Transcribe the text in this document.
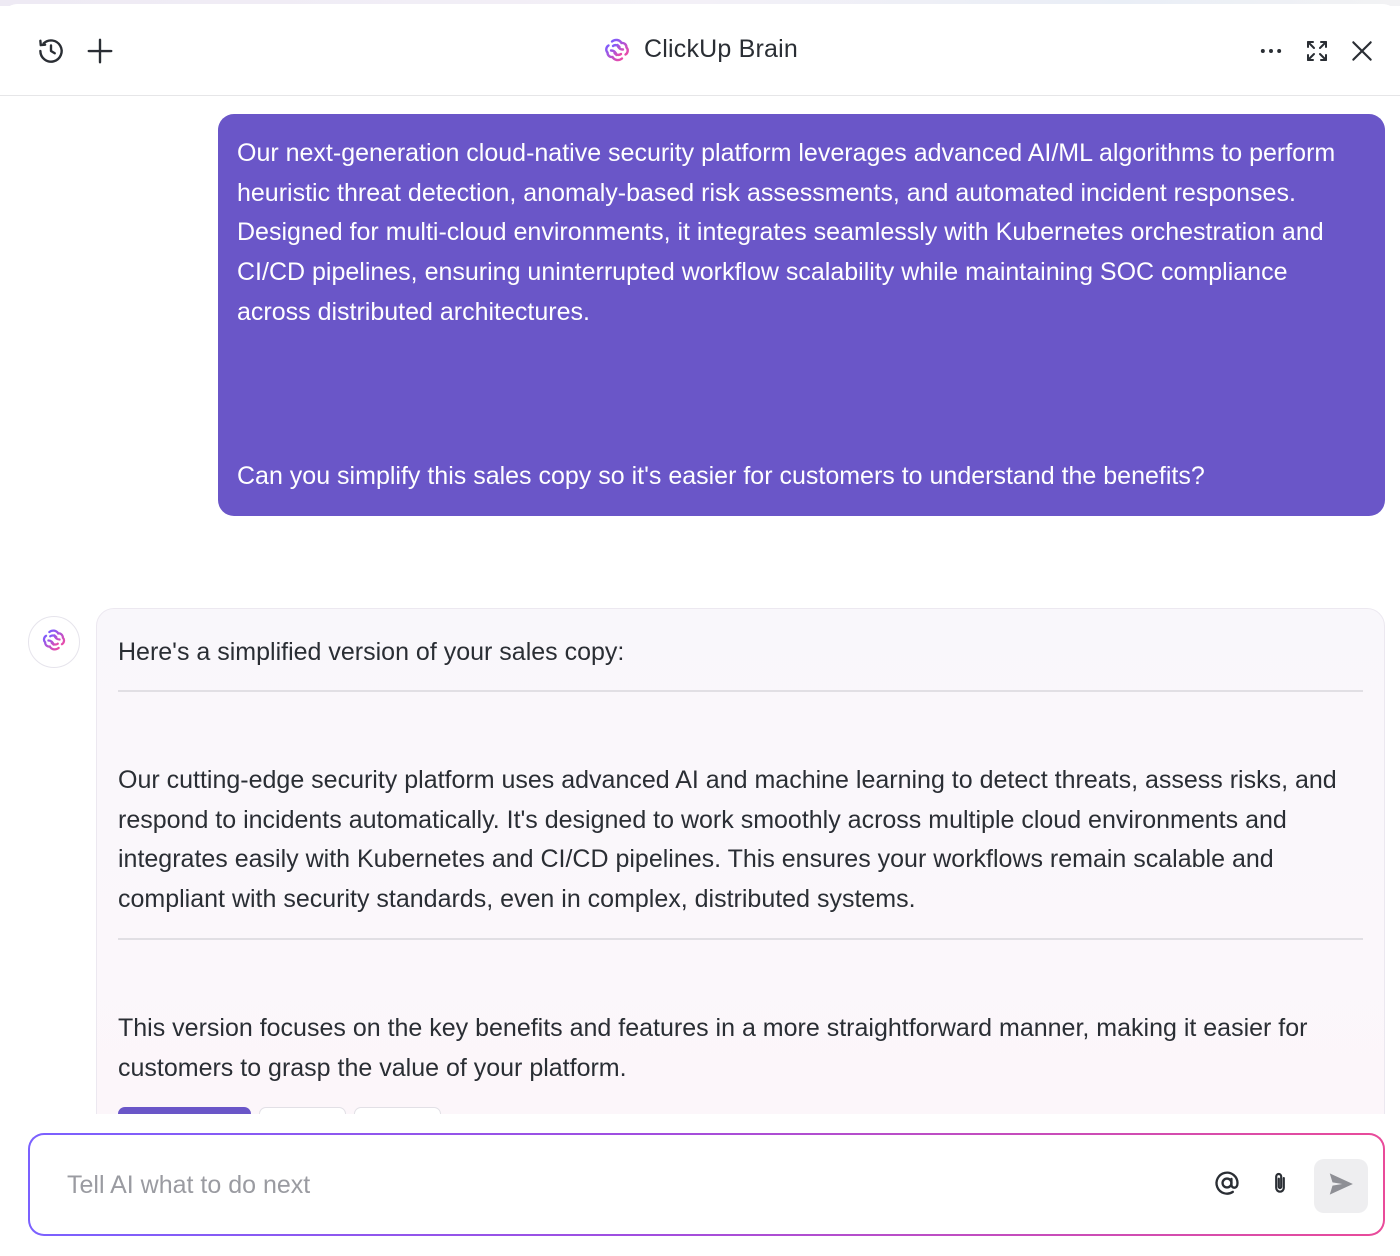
ClickUp Brain

Our next-generation cloud-native security platform leverages advanced AI/ML algorithms to perform heuristic threat detection, anomaly-based risk assessments, and automated incident responses. Designed for multi-cloud environments, it integrates seamlessly with Kubernetes orchestration and CI/CD pipelines, ensuring uninterrupted workflow scalability while maintaining SOC compliance across distributed architectures.

Can you simplify this sales copy so it's easier for customers to understand the benefits?

Here's a simplified version of your sales copy:

Our cutting-edge security platform uses advanced AI and machine learning to detect threats, assess risks, and respond to incidents automatically. It's designed to work smoothly across multiple cloud environments and integrates easily with Kubernetes and CI/CD pipelines. This ensures your workflows remain scalable and compliant with security standards, even in complex, distributed systems.

This version focuses on the key benefits and features in a more straightforward manner, making it easier for customers to grasp the value of your platform.

Tell AI what to do next
